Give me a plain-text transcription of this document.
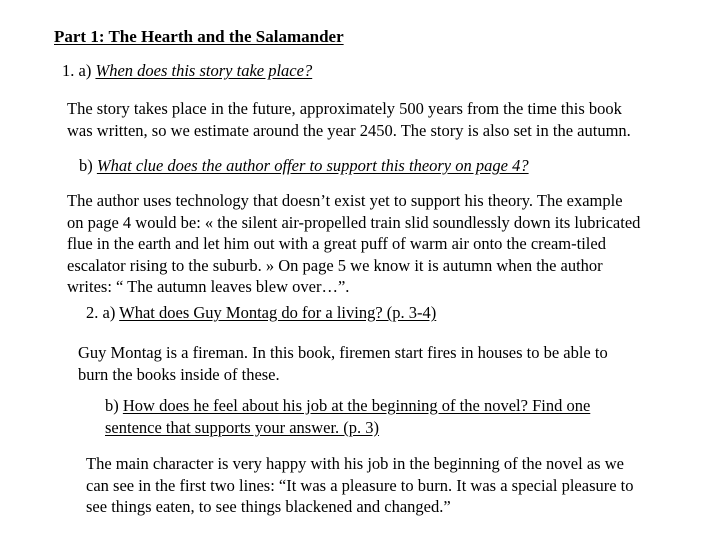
Part 1: The Hearth and the Salamander
1. a) When does this story take place?
The story takes place in the future, approximately 500 years from the time this book
was written, so we estimate around the year 2450. The story is also set in the autumn.
b) What clue does the author offer to support this theory on page 4?
The author uses technology that doesn’t exist yet to support his theory. The example
on page 4 would be: « the silent air-propelled train slid soundlessly down its lubricated
flue in the earth and let him out with a great puff of warm air onto the cream-tiled
escalator rising to the suburb. » On page 5 we know it is autumn when the author
writes: “ The autumn leaves blew over…”.
2. a) What does Guy Montag do for a living? (p. 3-4)
Guy Montag is a fireman. In this book, firemen start fires in houses to be able to
burn the books inside of these.
b) How does he feel about his job at the beginning of the novel? Find one
sentence that supports your answer. (p. 3)
The main character is very happy with his job in the beginning of the novel as we
can see in the first two lines: “It was a pleasure to burn. It was a special pleasure to
see things eaten, to see things blackened and changed.”
